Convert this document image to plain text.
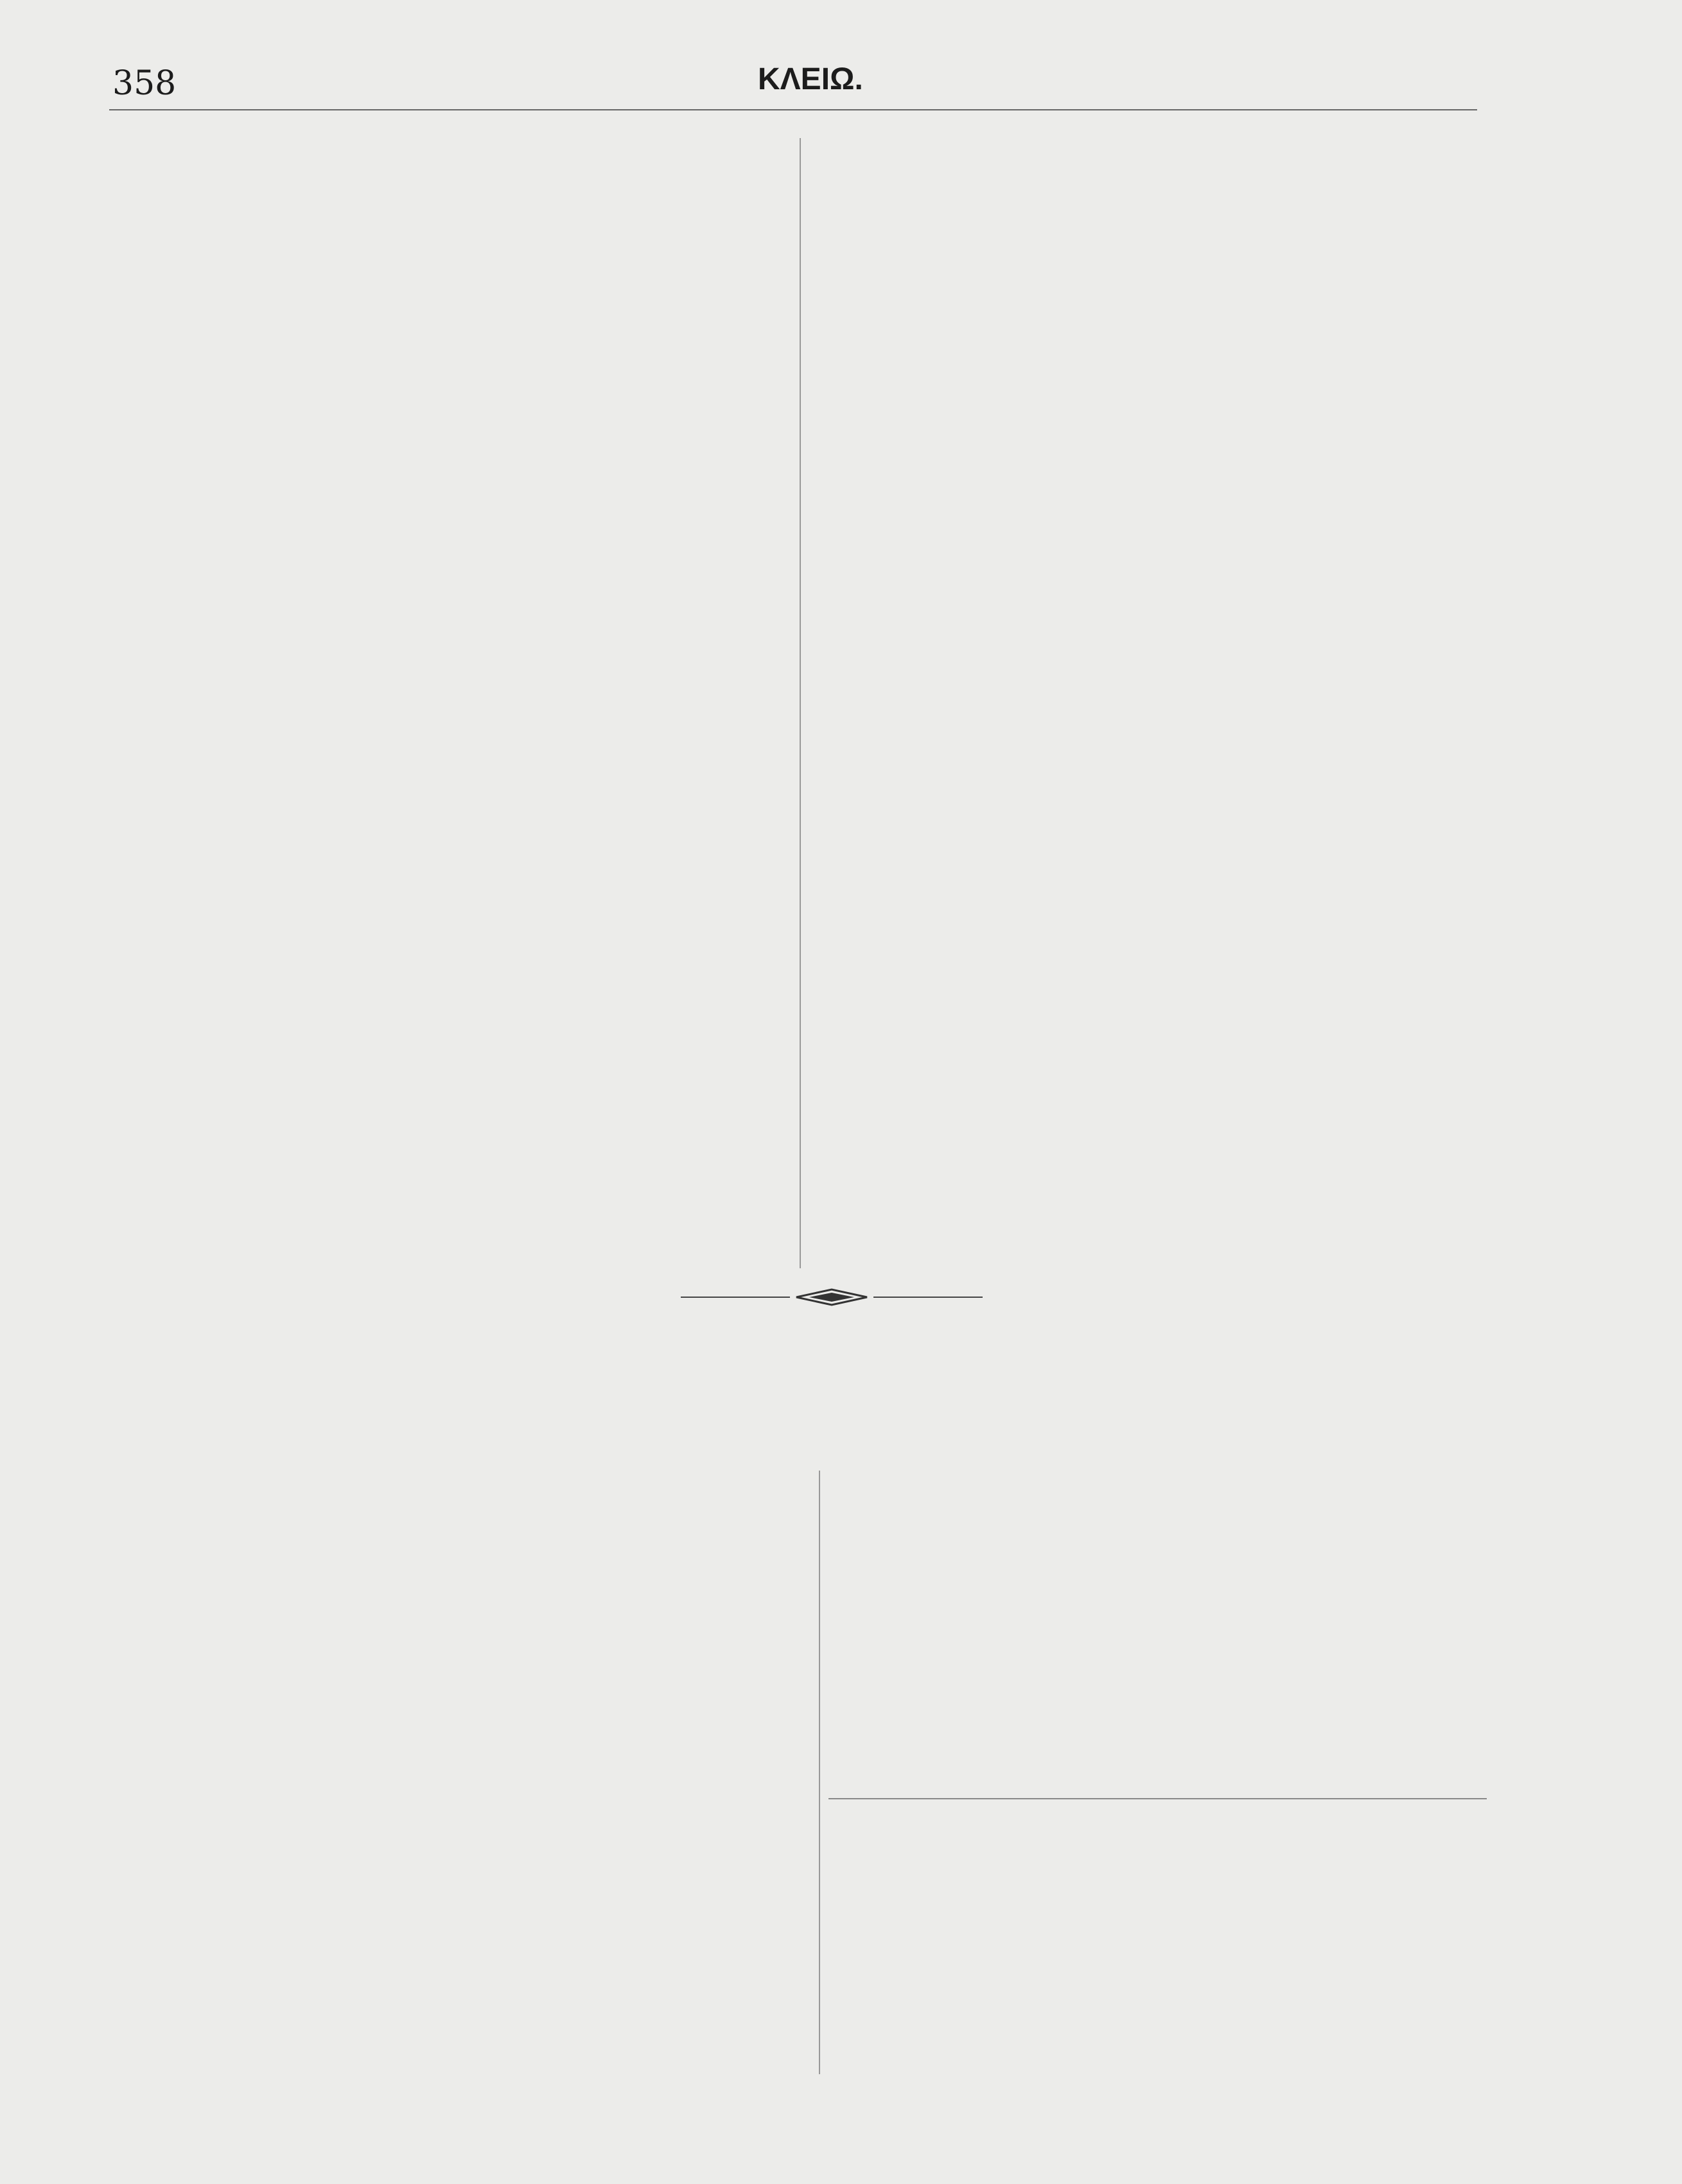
358	ΚΛΕΙΩ.
